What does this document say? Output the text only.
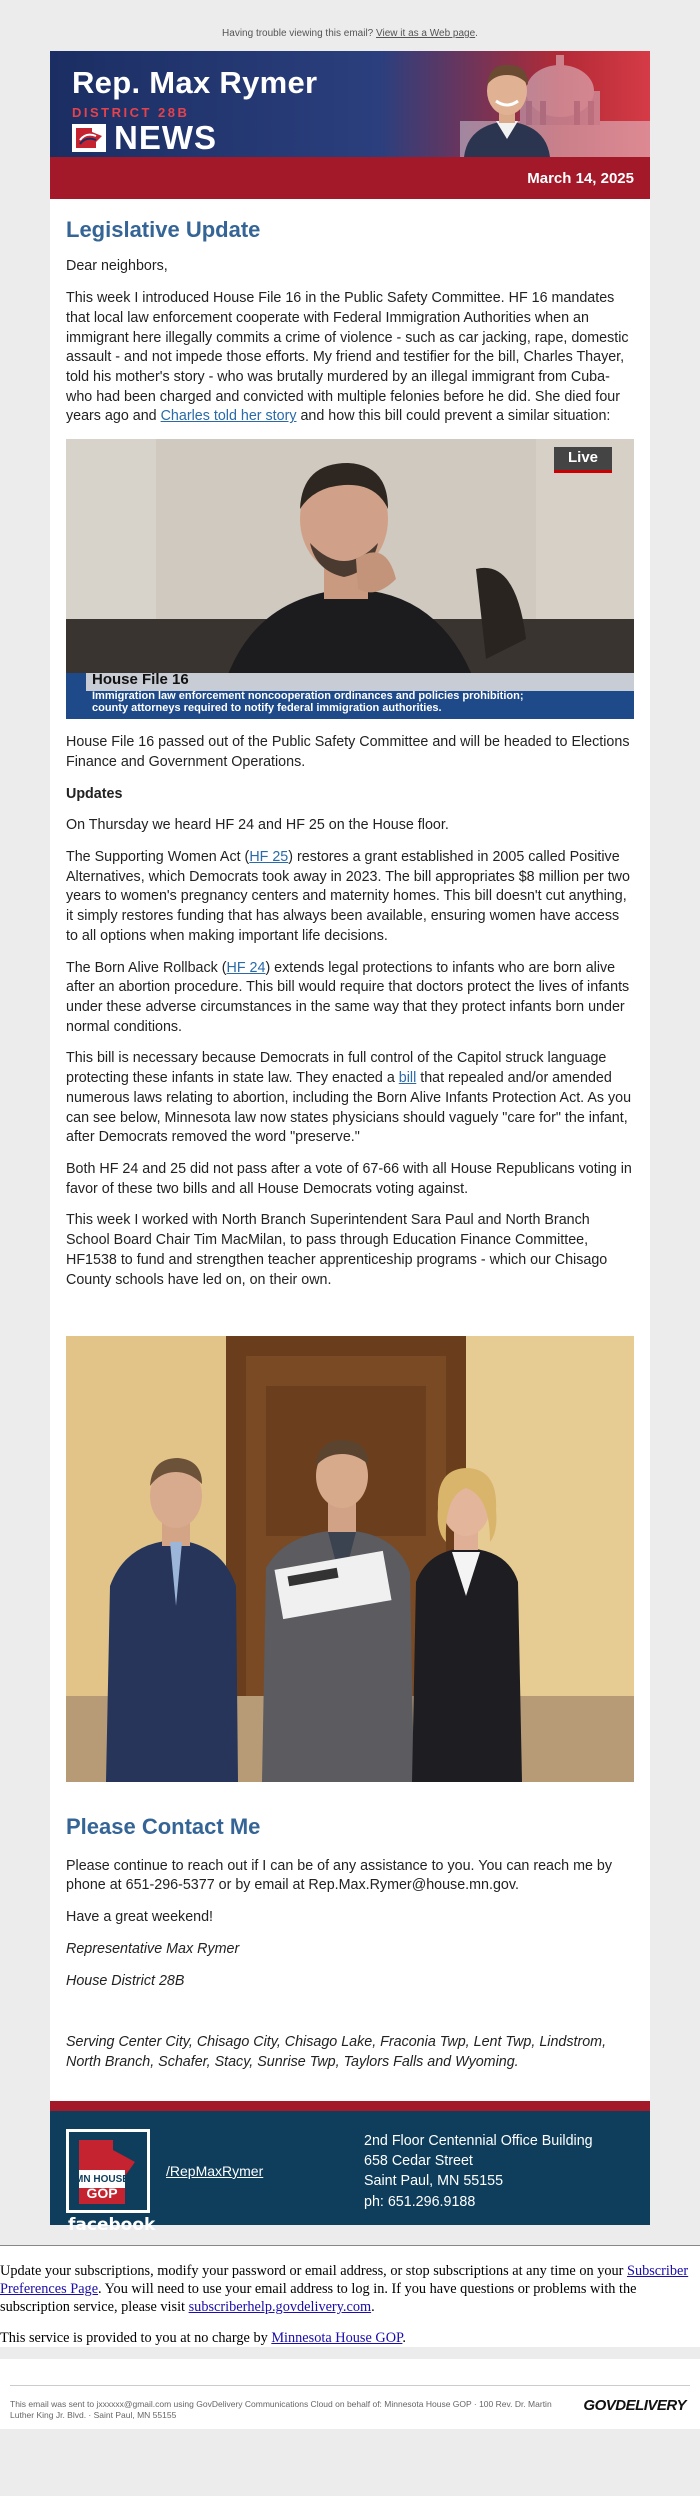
Having trouble viewing this email? View it as a Web page.
Rep. Max Rymer
DISTRICT 28B
NEWS
March 14, 2025
Legislative Update

Dear neighbors,

This week I introduced House File 16 in the Public Safety Committee. HF 16 mandates that local law enforcement cooperate with Federal Immigration Authorities when an immigrant here illegally commits a crime of violence - such as car jacking, rape, domestic assault - and not impede those efforts. My friend and testifier for the bill, Charles Thayer, told his mother's story - who was brutally murdered by an illegal immigrant from Cuba- who had been charged and convicted with multiple felonies before he did. She died four years ago and Charles told her story and how this bill could prevent a similar situation:

Live
House File 16
Immigration law enforcement noncooperation ordinances and policies prohibition;
county attorneys required to notify federal immigration authorities.

House File 16 passed out of the Public Safety Committee and will be headed to Elections Finance and Government Operations.

Updates

On Thursday we heard HF 24 and HF 25 on the House floor.

The Supporting Women Act (HF 25) restores a grant established in 2005 called Positive Alternatives, which Democrats took away in 2023. The bill appropriates $8 million per two years to women's pregnancy centers and maternity homes. This bill doesn't cut anything, it simply restores funding that has always been available, ensuring women have access to all options when making important life decisions.

The Born Alive Rollback (HF 24) extends legal protections to infants who are born alive after an abortion procedure. This bill would require that doctors protect the lives of infants under these adverse circumstances in the same way that they protect infants born under normal conditions.

This bill is necessary because Democrats in full control of the Capitol struck language protecting these infants in state law. They enacted a bill that repealed and/or amended numerous laws relating to abortion, including the Born Alive Infants Protection Act. As you can see below, Minnesota law now states physicians should vaguely "care for" the infant, after Democrats removed the word "preserve."

Both HF 24 and 25 did not pass after a vote of 67-66 with all House Republicans voting in favor of these two bills and all House Democrats voting against.

This week I worked with North Branch Superintendent Sara Paul and North Branch School Board Chair Tim MacMilan, to pass through Education Finance Committee, HF1538 to fund and strengthen teacher apprenticeship programs - which our Chisago County schools have led on, on their own.

Please Contact Me

Please continue to reach out if I can be of any assistance to you. You can reach me by phone at 651-296-5377 or by email at Rep.Max.Rymer@house.mn.gov.

Have a great weekend!

Representative Max Rymer

House District 28B

Serving Center City, Chisago City, Chisago Lake, Fraconia Twp, Lent Twp, Lindstrom, North Branch, Schafer, Stacy, Sunrise Twp, Taylors Falls and Wyoming.

MN HOUSE
GOP
facebook
/RepMaxRymer
2nd Floor Centennial Office Building
658 Cedar Street
Saint Paul, MN 55155
ph: 651.296.9188

Update your subscriptions, modify your password or email address, or stop subscriptions at any time on your Subscriber Preferences Page. You will need to use your email address to log in. If you have questions or problems with the subscription service, please visit subscriberhelp.govdelivery.com.

This service is provided to you at no charge by Minnesota House GOP.

This email was sent to jxxxxxx@gmail.com using GovDelivery Communications Cloud on behalf of: Minnesota House GOP · 100 Rev. Dr. Martin Luther King Jr. Blvd. · Saint Paul, MN 55155
GOVDELIVERY
